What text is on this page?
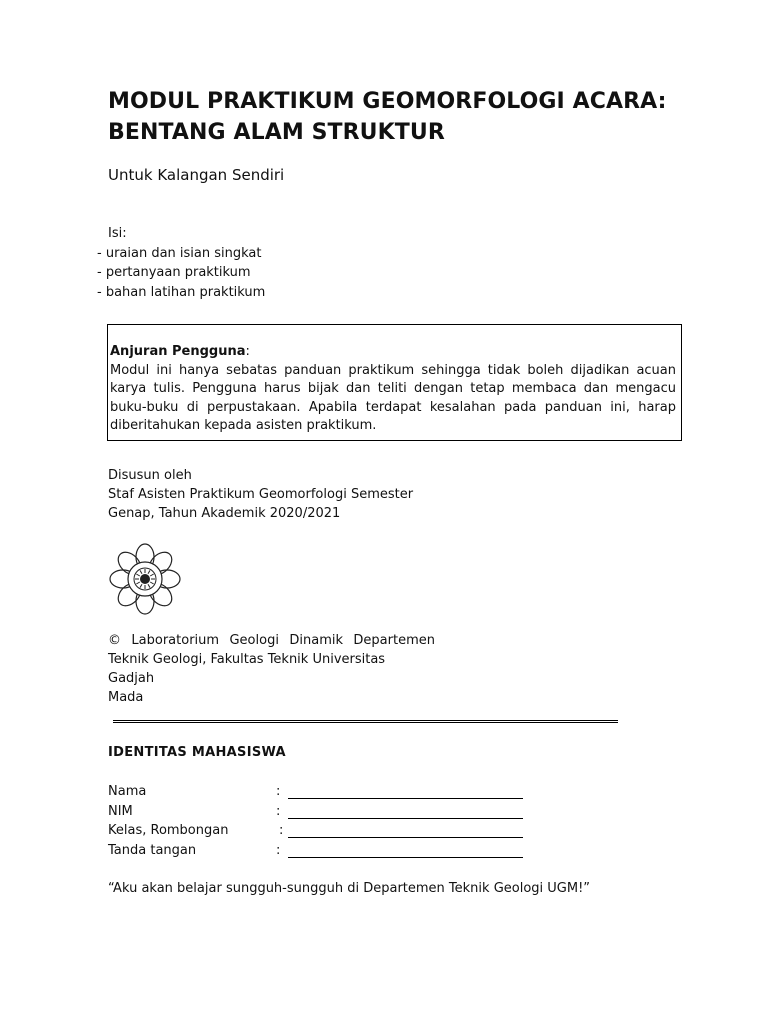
MODUL PRAKTIKUM GEOMORFOLOGI ACARA:
BENTANG ALAM STRUKTUR
Untuk Kalangan Sendiri
Isi:
- uraian dan isian singkat
- pertanyaan praktikum
- bahan latihan praktikum
Anjuran Pengguna:

Modul ini hanya sebatas panduan praktikum sehingga tidak boleh dijadikan acuan karya tulis. Pengguna harus bijak dan teliti dengan tetap membaca dan mengacu buku-buku di perpustakaan. Apabila terdapat kesalahan pada panduan ini, harap diberitahukan kepada asisten praktikum.

Disusun oleh
Staf Asisten Praktikum Geomorfologi Semester
Genap, Tahun Akademik 2020/2021
© Laboratorium Geologi Dinamik Departemen
Teknik Geologi, Fakultas Teknik Universitas Gadjah
Mada
IDENTITAS MAHASISWA
Nama	:
NIM	:
Kelas, Rombongan	:
Tanda tangan	:
“Aku akan belajar sungguh-sungguh di Departemen Teknik Geologi UGM!”
